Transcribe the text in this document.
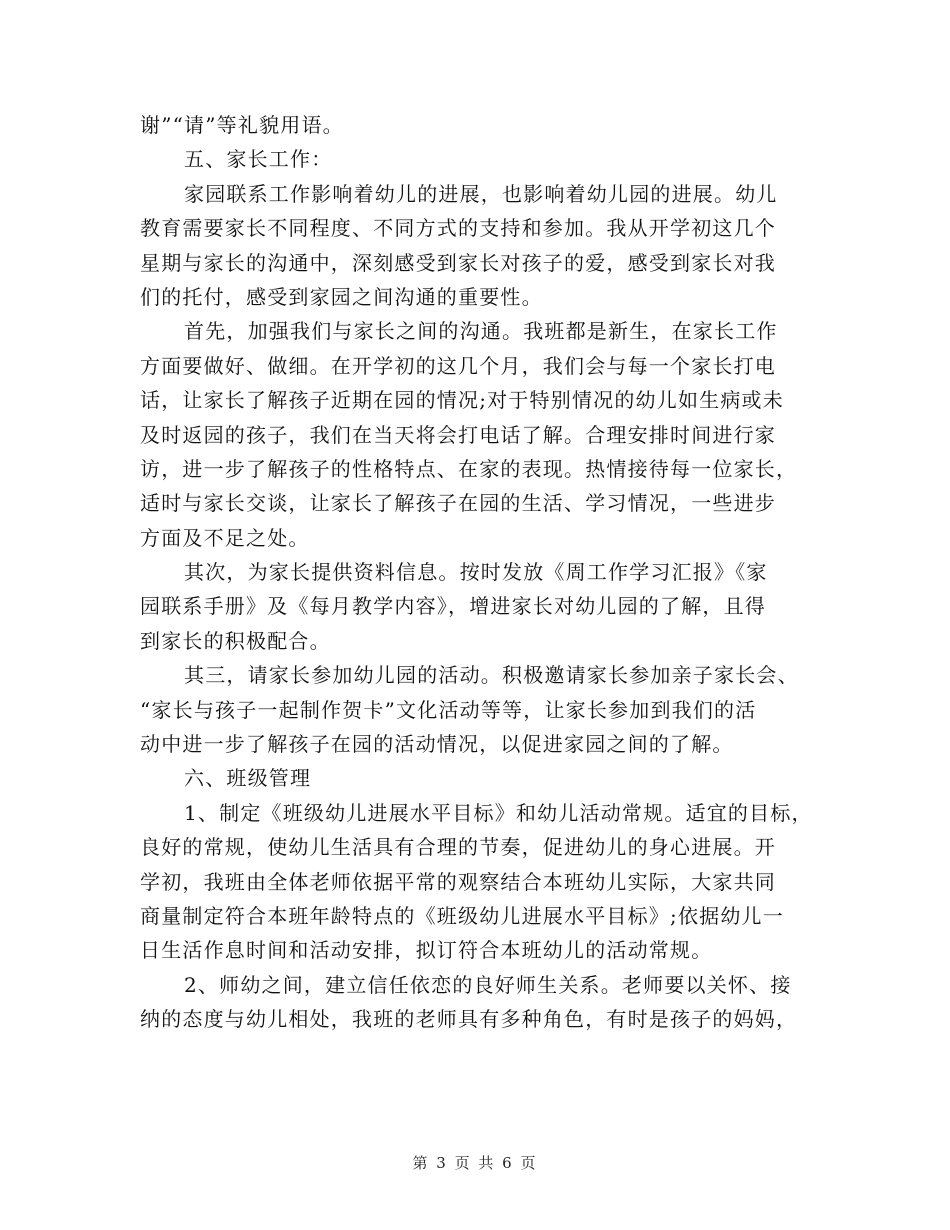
谢”“请”等礼貌用语。
五、家长工作：
家园联系工作影响着幼儿的进展，也影响着幼儿园的进展。幼儿
教育需要家长不同程度、不同方式的支持和参加。我从开学初这几个
星期与家长的沟通中，深刻感受到家长对孩子的爱，感受到家长对我
们的托付，感受到家园之间沟通的重要性。
首先，加强我们与家长之间的沟通。我班都是新生，在家长工作
方面要做好、做细。在开学初的这几个月，我们会与每一个家长打电
话，让家长了解孩子近期在园的情况;对于特别情况的幼儿如生病或未
及时返园的孩子，我们在当天将会打电话了解。合理安排时间进行家
访，进一步了解孩子的性格特点、在家的表现。热情接待每一位家长，
适时与家长交谈，让家长了解孩子在园的生活、学习情况，一些进步
方面及不足之处。
其次，为家长提供资料信息。按时发放《周工作学习汇报》《家
园联系手册》及《每月教学内容》，增进家长对幼儿园的了解，且得
到家长的积极配合。
其三，请家长参加幼儿园的活动。积极邀请家长参加亲子家长会、
“家长与孩子一起制作贺卡”文化活动等等，让家长参加到我们的活
动中进一步了解孩子在园的活动情况，以促进家园之间的了解。
六、班级管理
1、制定《班级幼儿进展水平目标》和幼儿活动常规。适宜的目标，
良好的常规，使幼儿生活具有合理的节奏，促进幼儿的身心进展。开
学初，我班由全体老师依据平常的观察结合本班幼儿实际，大家共同
商量制定符合本班年龄特点的《班级幼儿进展水平目标》;依据幼儿一
日生活作息时间和活动安排，拟订符合本班幼儿的活动常规。
2、师幼之间，建立信任依恋的良好师生关系。老师要以关怀、接
纳的态度与幼儿相处，我班的老师具有多种角色，有时是孩子的妈妈，
第 3 页 共 6 页
